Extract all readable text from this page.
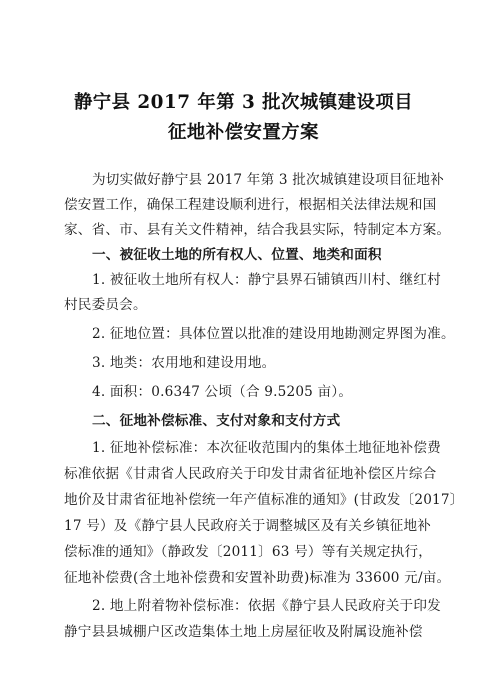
静宁县 2017 年第 3 批次城镇建设项目
征地补偿安置方案
为切实做好静宁县 2017 年第 3 批次城镇建设项目征地补
偿安置工作，确保工程建设顺利进行，根据相关法律法规和国
家、省、市、县有关文件精神，结合我县实际，特制定本方案。
一、被征收土地的所有权人、位置、地类和面积
1. 被征收土地所有权人：静宁县界石铺镇西川村、继红村
村民委员会。
2. 征地位置：具体位置以批准的建设用地勘测定界图为准。
3. 地类：农用地和建设用地。
4. 面积：0.6347 公顷（合 9.5205 亩）。
二、征地补偿标准、支付对象和支付方式
1. 征地补偿标准：本次征收范围内的集体土地征地补偿费
标准依据《甘肃省人民政府关于印发甘肃省征地补偿区片综合
地价及甘肃省征地补偿统一年产值标准的通知》(甘政发〔2017〕
17 号）及《静宁县人民政府关于调整城区及有关乡镇征地补
偿标准的通知》（静政发〔2011〕63 号）等有关规定执行，
征地补偿费(含土地补偿费和安置补助费)标准为 33600 元/亩。
2. 地上附着物补偿标准：依据《静宁县人民政府关于印发
静宁县县城棚户区改造集体土地上房屋征收及附属设施补偿
